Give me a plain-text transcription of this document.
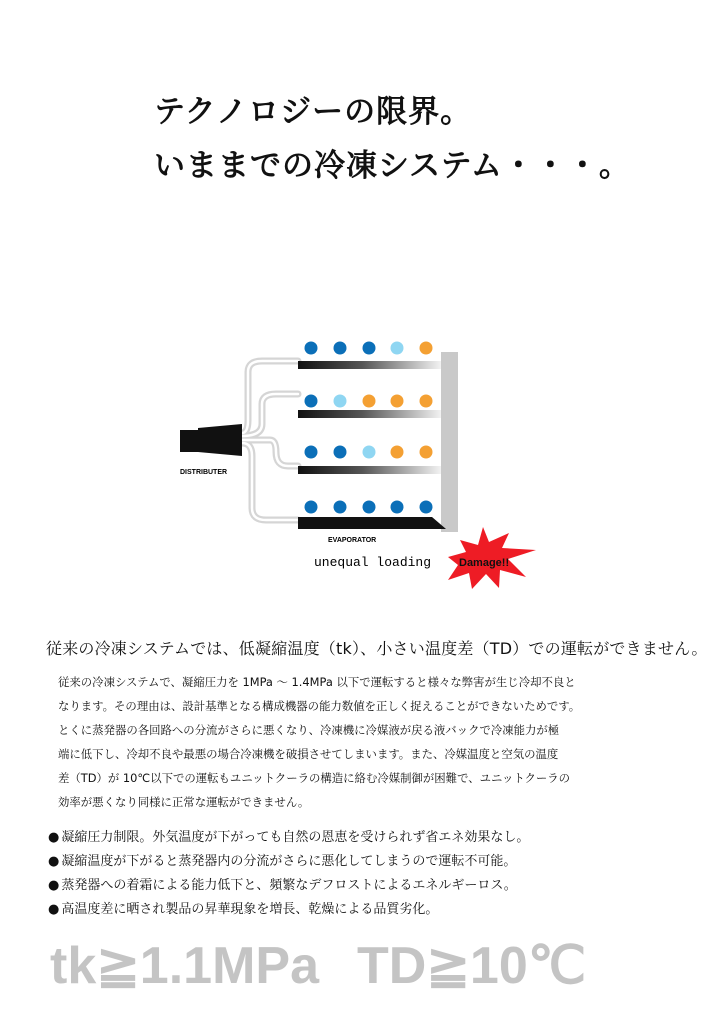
テクノロジーの限界。
いままでの冷凍システム・・・。
DISTRIBUTER
EVAPORATOR
unequal loading	Damage!!

従来の冷凍システムでは、低凝縮温度（tk）、小さい温度差（TD）での運転ができません。

従来の冷凍システムで、凝縮圧力を 1MPa ～ 1.4MPa 以下で運転すると様々な弊害が生じ冷却不良と
なります。その理由は、設計基準となる構成機器の能力数値を正しく捉えることができないためです。
とくに蒸発器の各回路への分流がさらに悪くなり、冷凍機に冷媒液が戻る液バックで冷凍能力が極
端に低下し、冷却不良や最悪の場合冷凍機を破損させてしまいます。また、冷媒温度と空気の温度
差（TD）が 10℃以下での運転もユニットクーラの構造に絡む冷媒制御が困難で、ユニットクーラの
効率が悪くなり同様に正常な運転ができません。

● 凝縮圧力制限。外気温度が下がっても自然の恩恵を受けられず省エネ効果なし。
● 凝縮温度が下がると蒸発器内の分流がさらに悪化してしまうので運転不可能。
● 蒸発器への着霜による能力低下と、頻繁なデフロストによるエネルギーロス。
● 高温度差に晒され製品の昇華現象を増長、乾燥による品質劣化。

tk≧1.1MPa TD≧10℃
